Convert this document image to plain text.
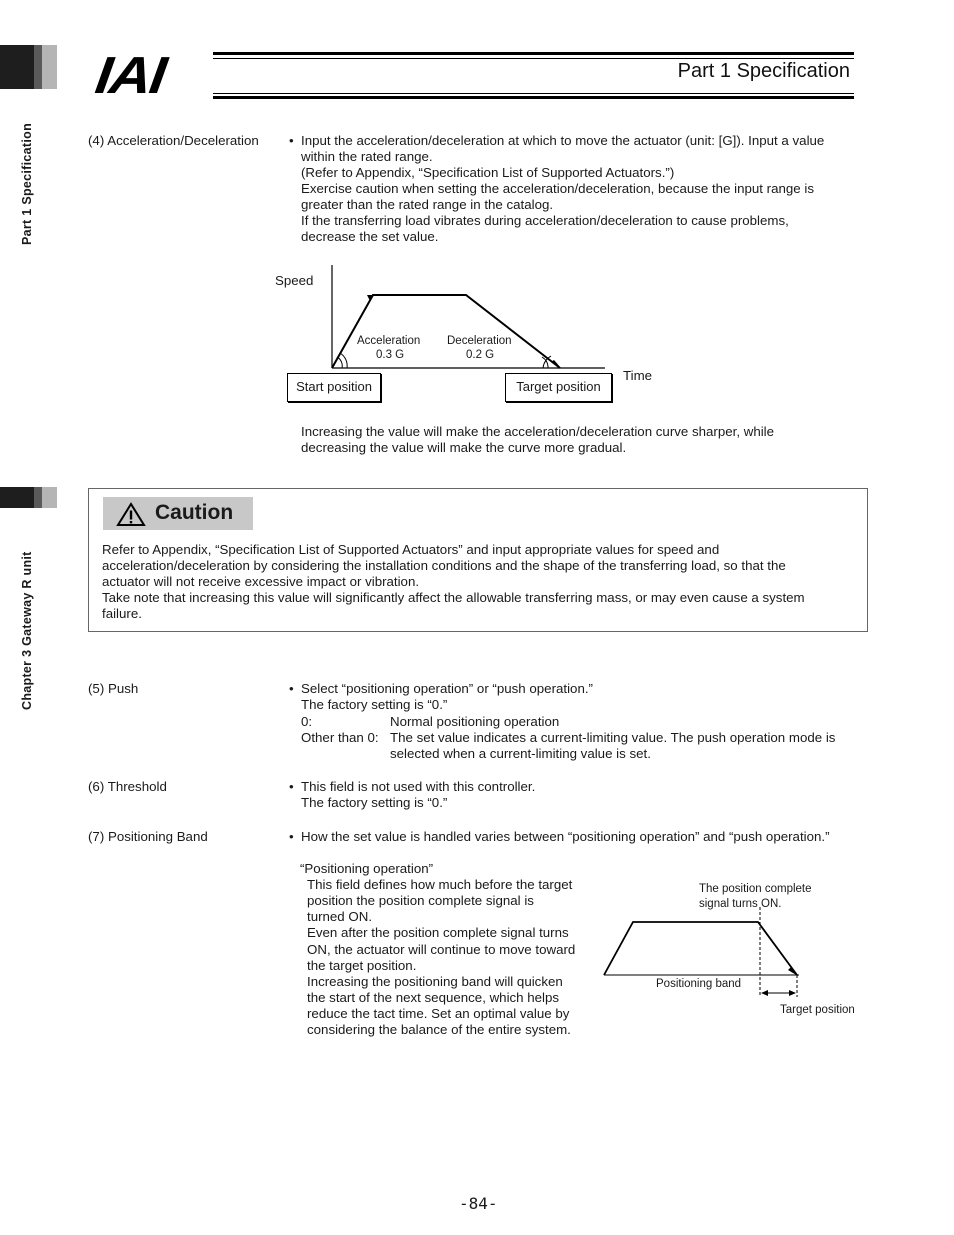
Part 1 Specification
Chapter 3 Gateway R unit
IAI	Part 1 Specification
(4) Acceleration/Deceleration	• Input the acceleration/deceleration at which to move the actuator (unit: [G]). Input a value
within the rated range.
(Refer to Appendix, “Specification List of Supported Actuators.”)
Exercise caution when setting the acceleration/deceleration, because the input range is
greater than the rated range in the catalog.
If the transferring load vibrates during acceleration/deceleration to cause problems,
decrease the set value.
Speed
Time
Acceleration
0.3 G
Deceleration
0.2 G
Start position	Target position
Increasing the value will make the acceleration/deceleration curve sharper, while
decreasing the value will make the curve more gradual.
Caution
Refer to Appendix, “Specification List of Supported Actuators” and input appropriate values for speed and
acceleration/deceleration by considering the installation conditions and the shape of the transferring load, so that the
actuator will not receive excessive impact or vibration.
Take note that increasing this value will significantly affect the allowable transferring mass, or may even cause a system
failure.
(5) Push	• Select “positioning operation” or “push operation.”
The factory setting is “0.”
0:	Normal positioning operation
Other than 0: The set value indicates a current-limiting value. The push operation mode is
selected when a current-limiting value is set.
(6) Threshold	• This field is not used with this controller.
The factory setting is “0.”
(7) Positioning Band	• How the set value is handled varies between “positioning operation” and “push operation.”
“Positioning operation”
This field defines how much before the target
position the position complete signal is
turned ON.
Even after the position complete signal turns
ON, the actuator will continue to move toward
the target position.
Increasing the positioning band will quicken
the start of the next sequence, which helps
reduce the tact time. Set an optimal value by
considering the balance of the entire system.
The position complete
signal turns ON.
Positioning band
Target position
-84-
